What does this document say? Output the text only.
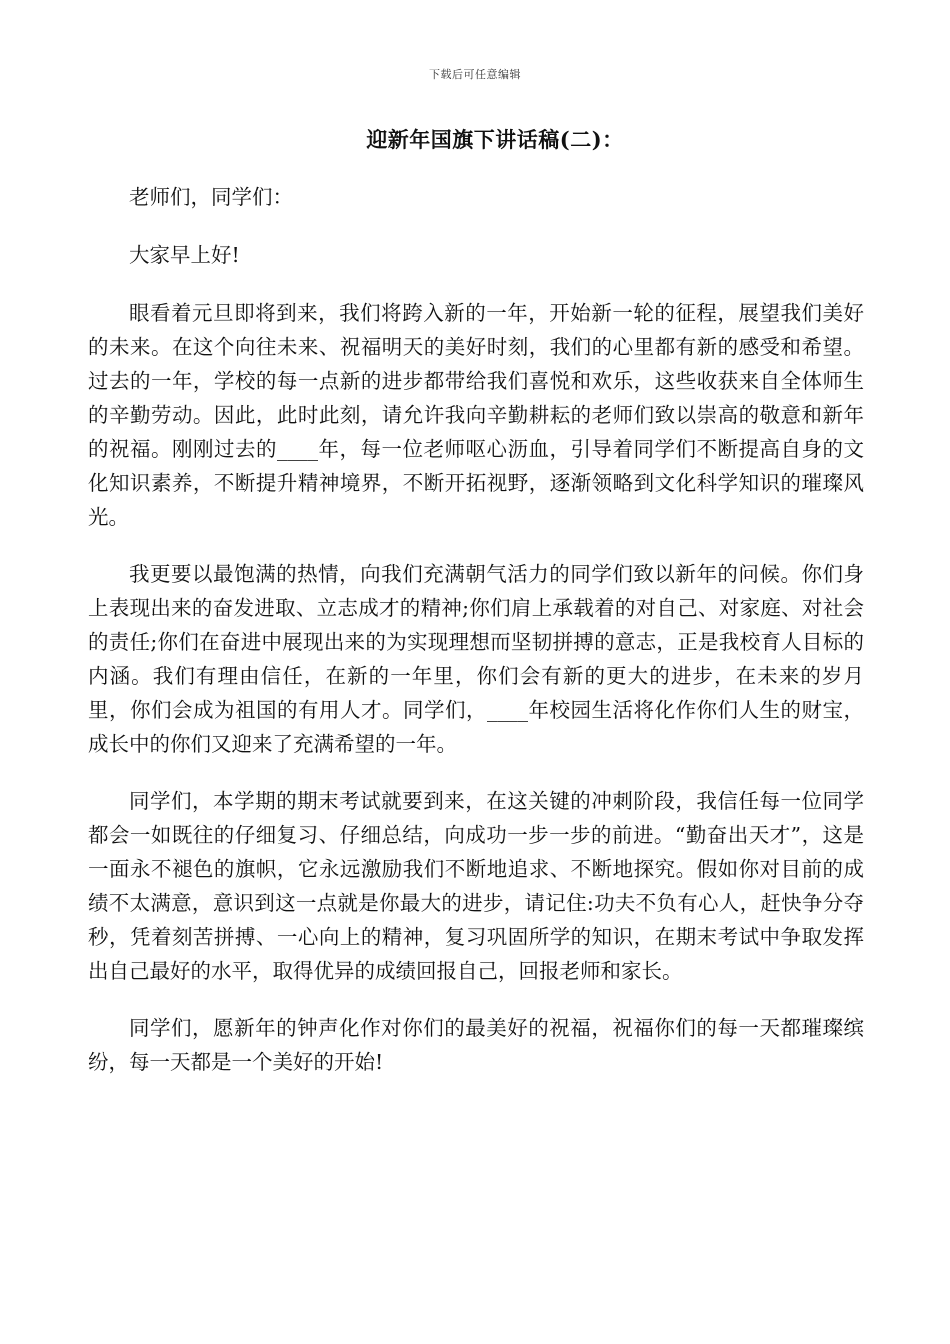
下载后可任意编辑
迎新年国旗下讲话稿(二)：

老师们，同学们：

大家早上好!

眼看着元旦即将到来，我们将跨入新的一年，开始新一轮的征程，展望我们美好的未来。在这个向往未来、祝福明天的美好时刻，我们的心里都有新的感受和希望。过去的一年，学校的每一点新的进步都带给我们喜悦和欢乐，这些收获来自全体师生的辛勤劳动。因此，此时此刻，请允许我向辛勤耕耘的老师们致以崇高的敬意和新年的祝福。刚刚过去的____年，每一位老师呕心沥血，引导着同学们不断提高自身的文化知识素养，不断提升精神境界，不断开拓视野，逐渐领略到文化科学知识的璀璨风光。

我更要以最饱满的热情，向我们充满朝气活力的同学们致以新年的问候。你们身上表现出来的奋发进取、立志成才的精神;你们肩上承载着的对自己、对家庭、对社会的责任;你们在奋进中展现出来的为实现理想而坚韧拼搏的意志，正是我校育人目标的内涵。我们有理由信任，在新的一年里，你们会有新的更大的进步，在未来的岁月里，你们会成为祖国的有用人才。同学们，____年校园生活将化作你们人生的财宝，成长中的你们又迎来了充满希望的一年。

同学们，本学期的期末考试就要到来，在这关键的冲刺阶段，我信任每一位同学都会一如既往的仔细复习、仔细总结，向成功一步一步的前进。“勤奋出天才”，这是一面永不褪色的旗帜，它永远激励我们不断地追求、不断地探究。假如你对目前的成绩不太满意，意识到这一点就是你最大的进步，请记住:功夫不负有心人，赶快争分夺秒，凭着刻苦拼搏、一心向上的精神，复习巩固所学的知识，在期末考试中争取发挥出自己最好的水平，取得优异的成绩回报自己，回报老师和家长。

同学们，愿新年的钟声化作对你们的最美好的祝福，祝福你们的每一天都璀璨缤纷，每一天都是一个美好的开始!
